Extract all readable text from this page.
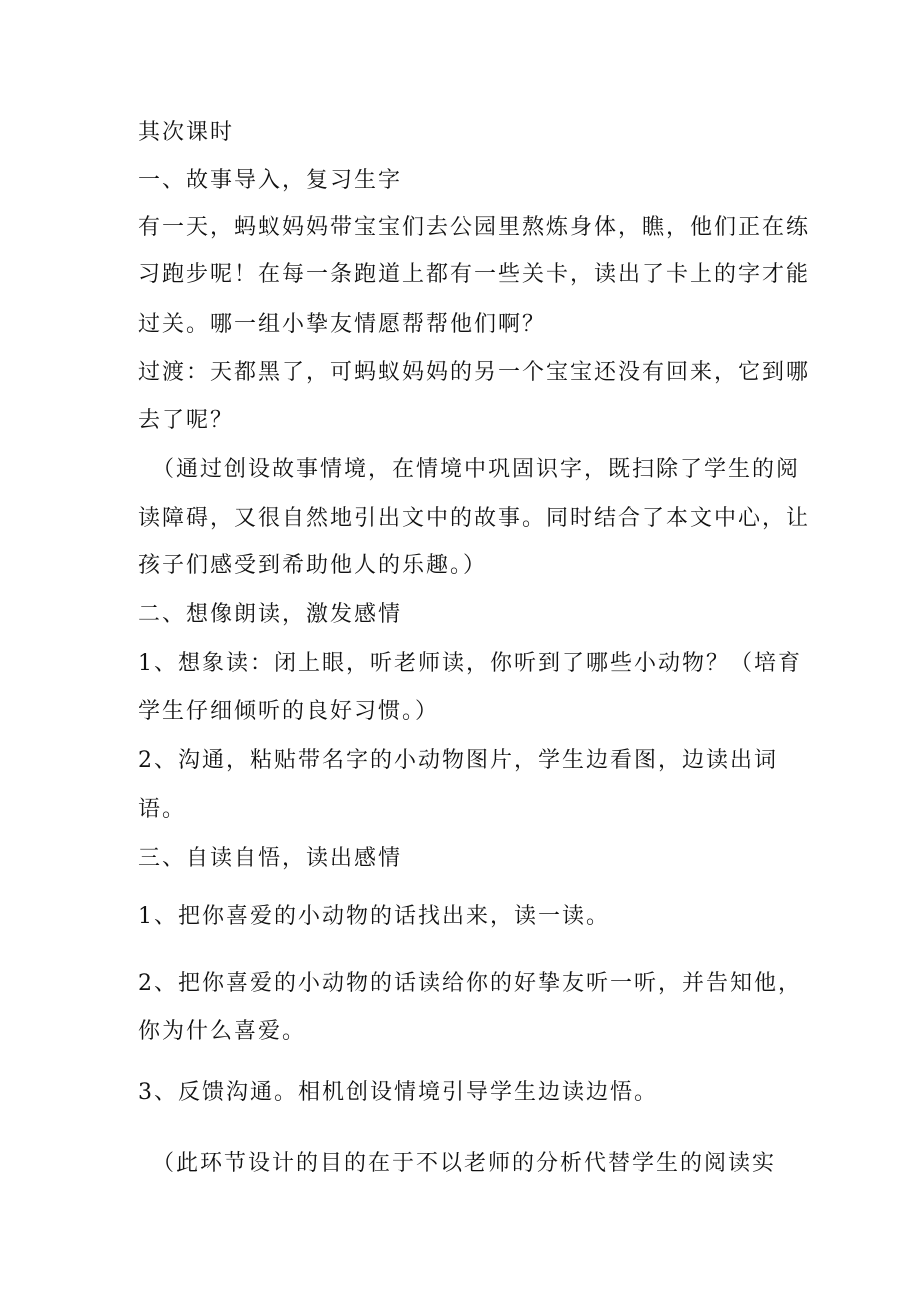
其次课时
一、故事导入，复习生字
有一天，蚂蚁妈妈带宝宝们去公园里熬炼身体，瞧，他们正在练
习跑步呢！在每一条跑道上都有一些关卡，读出了卡上的字才能
过关。哪一组小挚友情愿帮帮他们啊？
过渡：天都黑了，可蚂蚁妈妈的另一个宝宝还没有回来，它到哪
去了呢？
（通过创设故事情境，在情境中巩固识字，既扫除了学生的阅
读障碍，又很自然地引出文中的故事。同时结合了本文中心，让
孩子们感受到希助他人的乐趣。）
二、想像朗读，激发感情
1、想象读：闭上眼，听老师读，你听到了哪些小动物？（培育
学生仔细倾听的良好习惯。）
2、沟通，粘贴带名字的小动物图片，学生边看图，边读出词
语。
三、自读自悟，读出感情
1、把你喜爱的小动物的话找出来，读一读。
2、把你喜爱的小动物的话读给你的好挚友听一听，并告知他，
你为什么喜爱。
3、反馈沟通。相机创设情境引导学生边读边悟。
（此环节设计的目的在于不以老师的分析代替学生的阅读实
